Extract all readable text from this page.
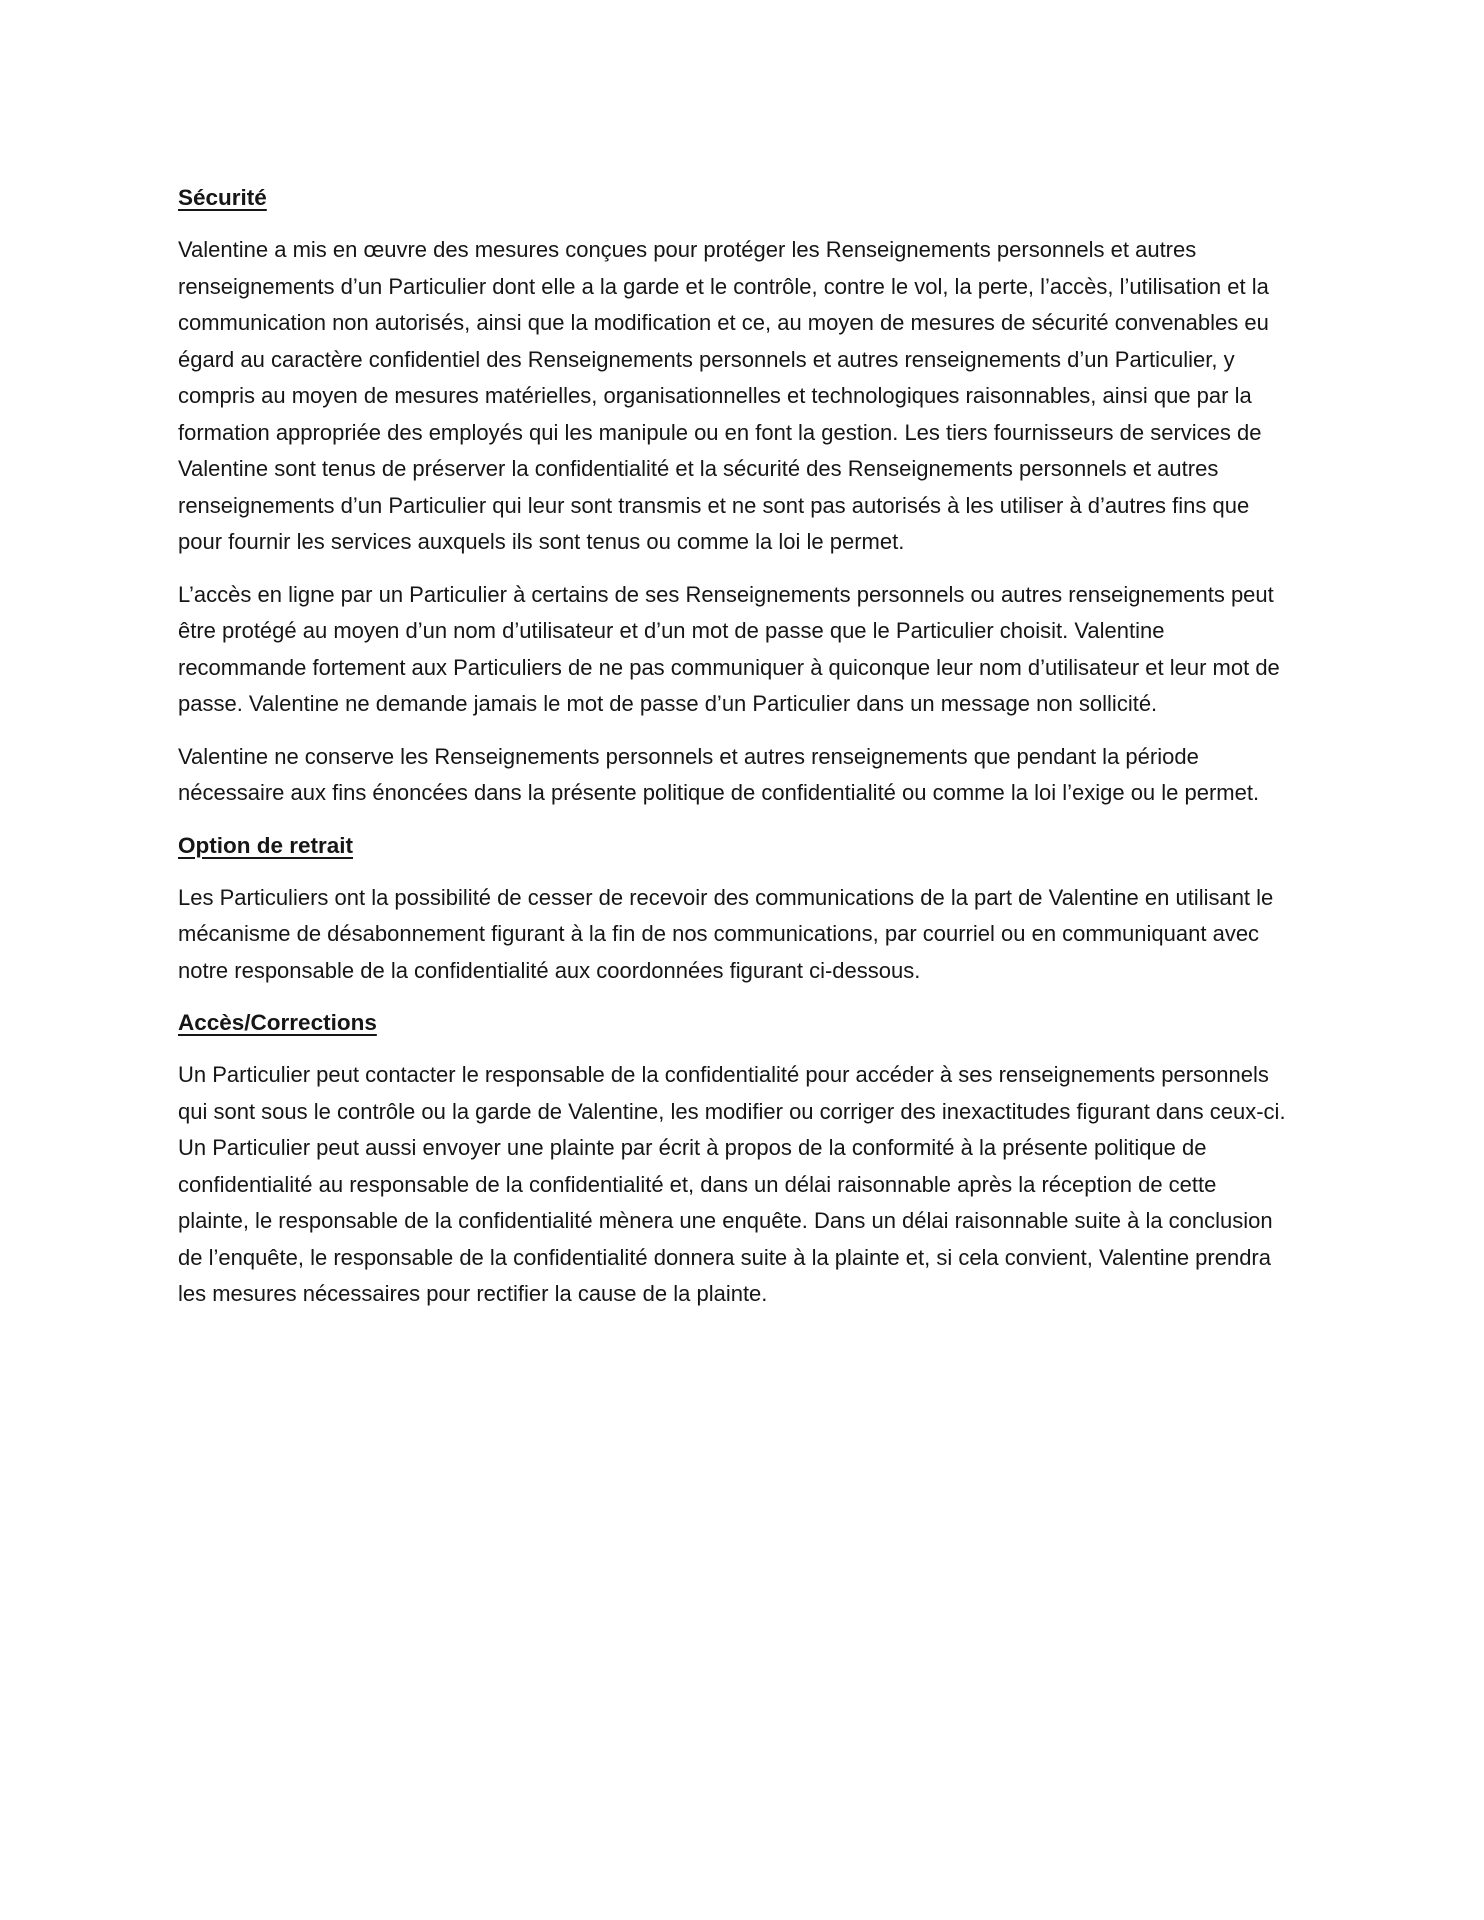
Sécurité

Valentine a mis en œuvre des mesures conçues pour protéger les Renseignements personnels et autres renseignements d’un Particulier dont elle a la garde et le contrôle, contre le vol, la perte, l’accès, l’utilisation et la communication non autorisés, ainsi que la modification et ce, au moyen de mesures de sécurité convenables eu égard au caractère confidentiel des Renseignements personnels et autres renseignements d’un Particulier, y compris au moyen de mesures matérielles, organisationnelles et technologiques raisonnables, ainsi que par la formation appropriée des employés qui les manipule ou en font la gestion. Les tiers fournisseurs de services de Valentine sont tenus de préserver la confidentialité et la sécurité des Renseignements personnels et autres renseignements d’un Particulier qui leur sont transmis et ne sont pas autorisés à les utiliser à d’autres fins que pour fournir les services auxquels ils sont tenus ou comme la loi le permet.

L’accès en ligne par un Particulier à certains de ses Renseignements personnels ou autres renseignements peut être protégé au moyen d’un nom d’utilisateur et d’un mot de passe que le Particulier choisit. Valentine recommande fortement aux Particuliers de ne pas communiquer à quiconque leur nom d’utilisateur et leur mot de passe. Valentine ne demande jamais le mot de passe d’un Particulier dans un message non sollicité.

Valentine ne conserve les Renseignements personnels et autres renseignements que pendant la période nécessaire aux fins énoncées dans la présente politique de confidentialité ou comme la loi l’exige ou le permet.

Option de retrait

Les Particuliers ont la possibilité de cesser de recevoir des communications de la part de Valentine en utilisant le mécanisme de désabonnement figurant à la fin de nos communications, par courriel ou en communiquant avec notre responsable de la confidentialité aux coordonnées figurant ci-dessous.

Accès/Corrections

Un Particulier peut contacter le responsable de la confidentialité pour accéder à ses renseignements personnels qui sont sous le contrôle ou la garde de Valentine, les modifier ou corriger des inexactitudes figurant dans ceux-ci. Un Particulier peut aussi envoyer une plainte par écrit à propos de la conformité à la présente politique de confidentialité au responsable de la confidentialité et, dans un délai raisonnable après la réception de cette plainte, le responsable de la confidentialité mènera une enquête. Dans un délai raisonnable suite à la conclusion de l’enquête, le responsable de la confidentialité donnera suite à la plainte et, si cela convient, Valentine prendra les mesures nécessaires pour rectifier la cause de la plainte.
